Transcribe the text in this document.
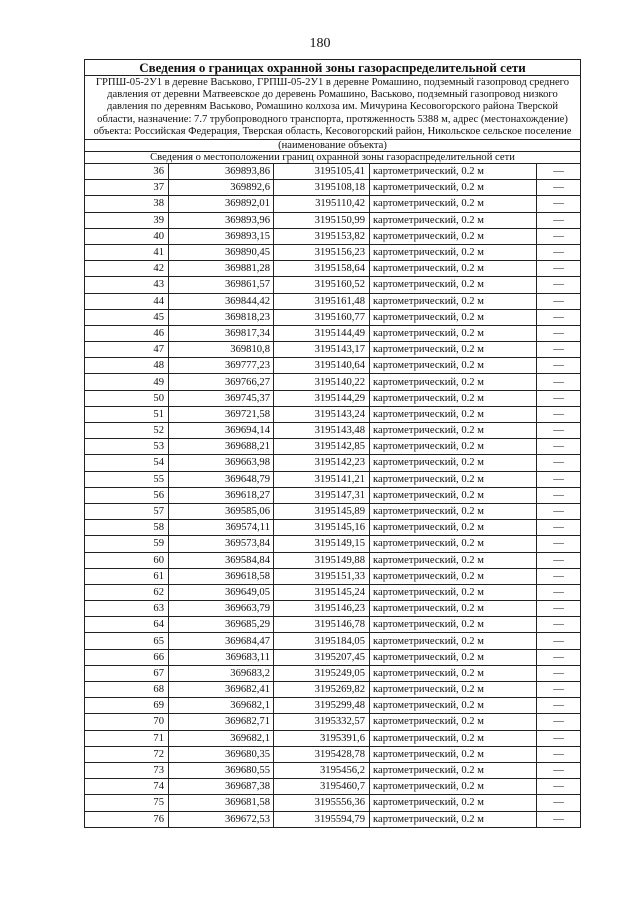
180
Сведения о границах охранной зоны газораспределительной сети
ГРПШ-05-2У1 в деревне Васьково, ГРПШ-05-2У1 в деревне Ромашино, подземный газопровод среднего давления от деревни Матвеевское до деревень Ромашино, Васьково, подземный газопровод низкого давления по деревням Васьково, Ромашино колхоза им. Мичурина Кесовогорского района Тверской области, назначение: 7.7 трубопроводного транспорта, протяженность 5388 м, адрес (местонахождение) объекта: Российская Федерация, Тверская область, Кесовогорский район, Никольское сельское поселение
(наименование объекта)
Сведения о местоположении границ охранной зоны газораспределительной сети
36	369893,86	3195105,41	картометрический, 0.2 м	—
37	369892,6	3195108,18	картометрический, 0.2 м	—
38	369892,01	3195110,42	картометрический, 0.2 м	—
39	369893,96	3195150,99	картометрический, 0.2 м	—
40	369893,15	3195153,82	картометрический, 0.2 м	—
41	369890,45	3195156,23	картометрический, 0.2 м	—
42	369881,28	3195158,64	картометрический, 0.2 м	—
43	369861,57	3195160,52	картометрический, 0.2 м	—
44	369844,42	3195161,48	картометрический, 0.2 м	—
45	369818,23	3195160,77	картометрический, 0.2 м	—
46	369817,34	3195144,49	картометрический, 0.2 м	—
47	369810,8	3195143,17	картометрический, 0.2 м	—
48	369777,23	3195140,64	картометрический, 0.2 м	—
49	369766,27	3195140,22	картометрический, 0.2 м	—
50	369745,37	3195144,29	картометрический, 0.2 м	—
51	369721,58	3195143,24	картометрический, 0.2 м	—
52	369694,14	3195143,48	картометрический, 0.2 м	—
53	369688,21	3195142,85	картометрический, 0.2 м	—
54	369663,98	3195142,23	картометрический, 0.2 м	—
55	369648,79	3195141,21	картометрический, 0.2 м	—
56	369618,27	3195147,31	картометрический, 0.2 м	—
57	369585,06	3195145,89	картометрический, 0.2 м	—
58	369574,11	3195145,16	картометрический, 0.2 м	—
59	369573,84	3195149,15	картометрический, 0.2 м	—
60	369584,84	3195149,88	картометрический, 0.2 м	—
61	369618,58	3195151,33	картометрический, 0.2 м	—
62	369649,05	3195145,24	картометрический, 0.2 м	—
63	369663,79	3195146,23	картометрический, 0.2 м	—
64	369685,29	3195146,78	картометрический, 0.2 м	—
65	369684,47	3195184,05	картометрический, 0.2 м	—
66	369683,11	3195207,45	картометрический, 0.2 м	—
67	369683,2	3195249,05	картометрический, 0.2 м	—
68	369682,41	3195269,82	картометрический, 0.2 м	—
69	369682,1	3195299,48	картометрический, 0.2 м	—
70	369682,71	3195332,57	картометрический, 0.2 м	—
71	369682,1	3195391,6	картометрический, 0.2 м	—
72	369680,35	3195428,78	картометрический, 0.2 м	—
73	369680,55	3195456,2	картометрический, 0.2 м	—
74	369687,38	3195460,7	картометрический, 0.2 м	—
75	369681,58	3195556,36	картометрический, 0.2 м	—
76	369672,53	3195594,79	картометрический, 0.2 м	—
